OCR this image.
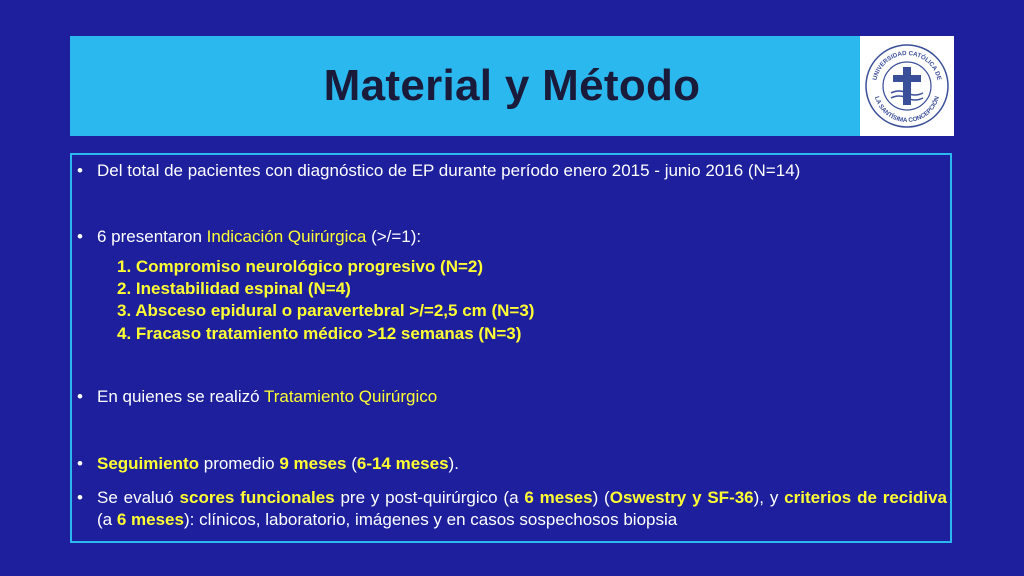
Material y Método	UNIVERSIDAD CATÓLICA DE
LA SANTÍSIMA CONCEPCIÓN
• Del total de pacientes con diagnóstico de EP durante período enero 2015 - junio 2016 (N=14)
• 6 presentaron Indicación Quirúrgica (>/=1):
1. Compromiso neurológico progresivo (N=2)
2. Inestabilidad espinal (N=4)
3. Absceso epidural o paravertebral >/=2,5 cm (N=3)
4. Fracaso tratamiento médico >12 semanas (N=3)
• En quienes se realizó Tratamiento Quirúrgico
• Seguimiento promedio 9 meses (6-14 meses).
• Se evaluó scores funcionales pre y post-quirúrgico (a 6 meses) (Oswestry y SF-36), y criterios de recidiva (a 6 meses): clínicos, laboratorio, imágenes y en casos sospechosos biopsia
